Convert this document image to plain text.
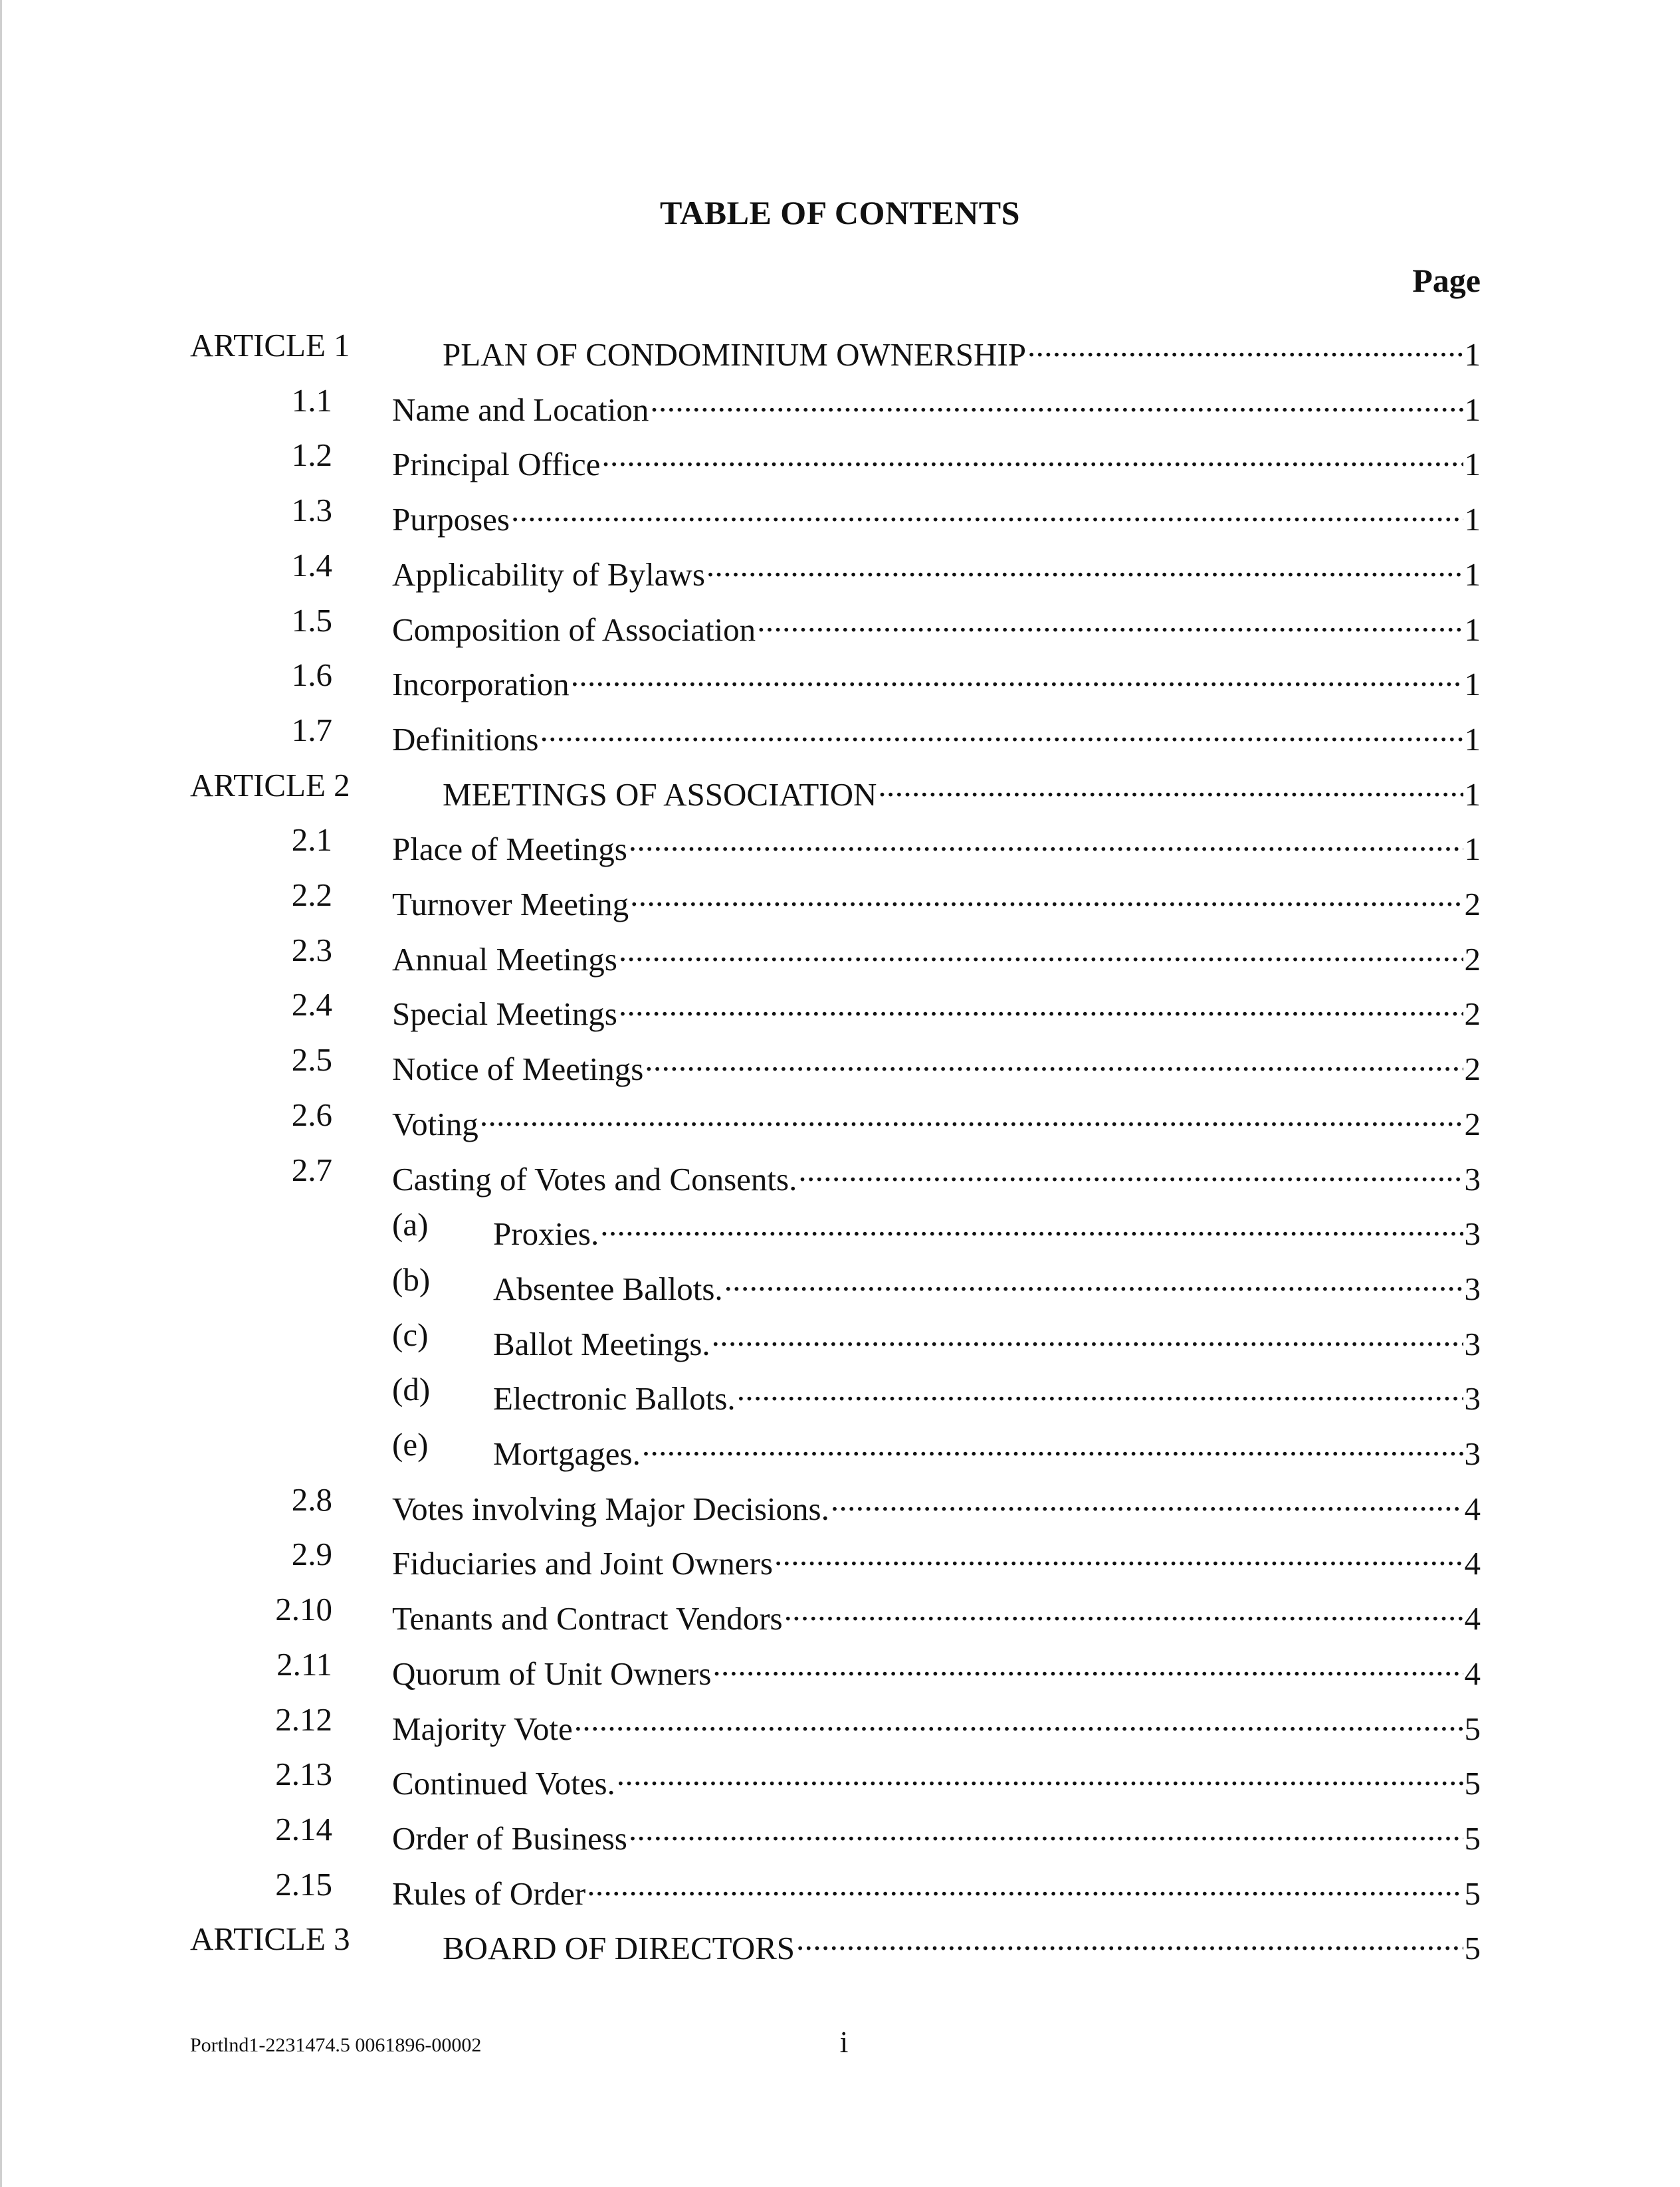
TABLE OF CONTENTS
Page
ARTICLE 1	PLAN OF CONDOMINIUM OWNERSHIP .....	1
1.1 Name and Location .....	1
1.2 Principal Office .....	1
1.3 Purposes .....	1
1.4 Applicability of Bylaws .....	1
1.5 Composition of Association .....	1
1.6 Incorporation .....	1
1.7 Definitions .....	1
ARTICLE 2	MEETINGS OF ASSOCIATION .....	1
2.1 Place of Meetings .....	1
2.2 Turnover Meeting .....	2
2.3 Annual Meetings .....	2
2.4 Special Meetings .....	2
2.5 Notice of Meetings .....	2
2.6 Voting .....	2
2.7 Casting of Votes and Consents. .....	3
(a) Proxies. .....	3
(b) Absentee Ballots. .....	3
(c) Ballot Meetings. .....	3
(d) Electronic Ballots. .....	3
(e) Mortgages. .....	3
2.8 Votes involving Major Decisions. .....	4
2.9 Fiduciaries and Joint Owners .....	4
2.10 Tenants and Contract Vendors .....	4
2.11 Quorum of Unit Owners .....	4
2.12 Majority Vote .....	5
2.13 Continued Votes. .....	5
2.14 Order of Business .....	5
2.15 Rules of Order .....	5
ARTICLE 3	BOARD OF DIRECTORS .....	5
Portlnd1-2231474.5 0061896-00002	i
